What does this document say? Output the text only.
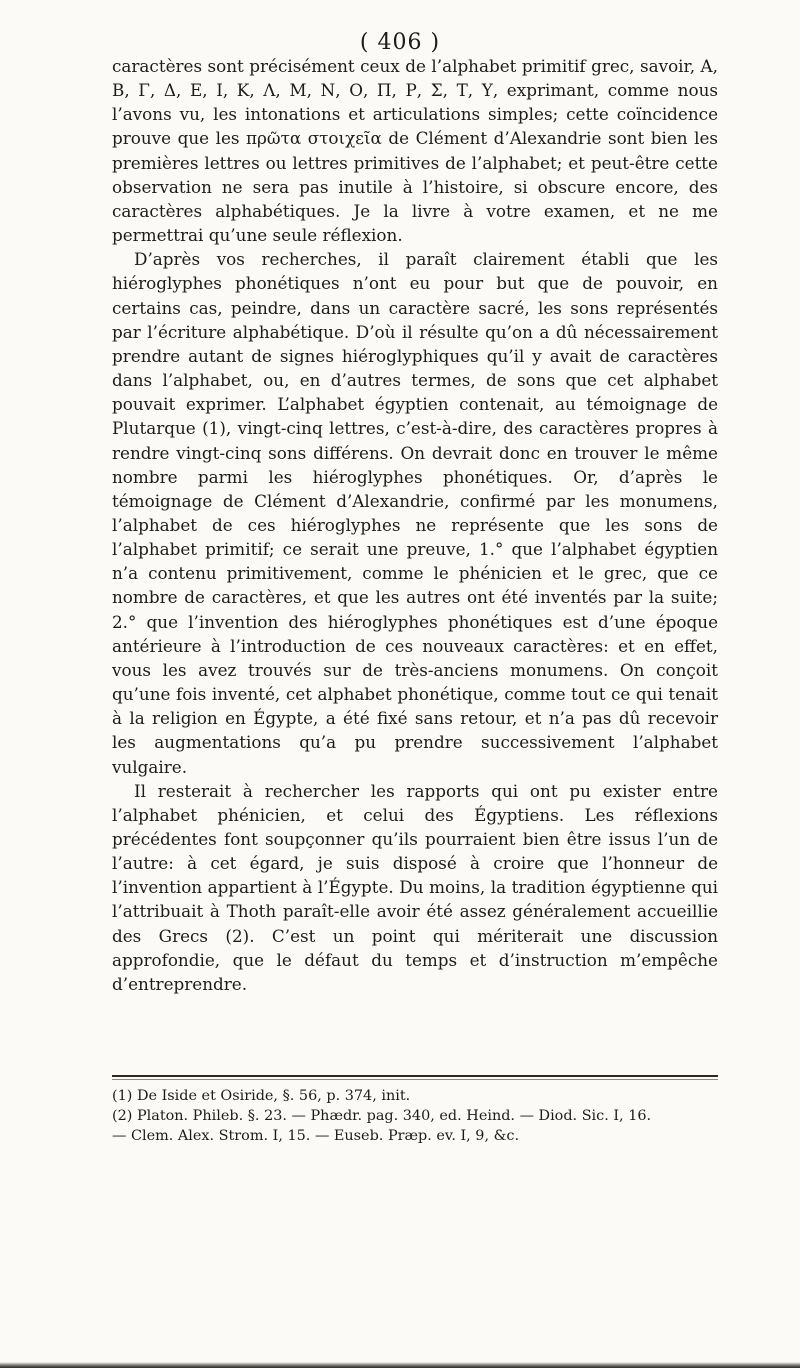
( 406 )

caractères sont précisément ceux de l’alphabet primitif grec, savoir, Α, Β, Γ, Δ, Ε, Ι, Κ, Λ, Μ, Ν, Ο, Π, Ρ, Σ, Τ, Υ, exprimant, comme nous l’avons vu, les intonations et articulations simples; cette coïncidence prouve que les πρῶτα στοιχεῖα de Clément d’Alexandrie sont bien les premières lettres ou lettres primitives de l’alphabet; et peut-être cette observation ne sera pas inutile à l’histoire, si obscure encore, des caractères alphabétiques. Je la livre à votre examen, et ne me permettrai qu’une seule réflexion.

D’après vos recherches, il paraît clairement établi que les hiéroglyphes phonétiques n’ont eu pour but que de pouvoir, en certains cas, peindre, dans un caractère sacré, les sons représentés par l’écriture alphabétique. D’où il résulte qu’on a dû nécessairement prendre autant de signes hiéroglyphiques qu’il y avait de caractères dans l’alphabet, ou, en d’autres termes, de sons que cet alphabet pouvait exprimer. L’alphabet égyptien contenait, au témoignage de Plutarque (1), vingt-cinq lettres, c’est-à-dire, des caractères propres à rendre vingt-cinq sons différens. On devrait donc en trouver le même nombre parmi les hiéroglyphes phonétiques. Or, d’après le témoignage de Clément d’Alexandrie, confirmé par les monumens, l’alphabet de ces hiéroglyphes ne représente que les sons de l’alphabet primitif; ce serait une preuve, 1.° que l’alphabet égyptien n’a contenu primitivement, comme le phénicien et le grec, que ce nombre de caractères, et que les autres ont été inventés par la suite; 2.° que l’invention des hiéroglyphes phonétiques est d’une époque antérieure à l’introduction de ces nouveaux caractères: et en effet, vous les avez trouvés sur de très-anciens monumens. On conçoit qu’une fois inventé, cet alphabet phonétique, comme tout ce qui tenait à la religion en Égypte, a été fixé sans retour, et n’a pas dû recevoir les augmentations qu’a pu prendre successivement l’alphabet vulgaire.

Il resterait à rechercher les rapports qui ont pu exister entre l’alphabet phénicien, et celui des Égyptiens. Les réflexions précédentes font soupçonner qu’ils pourraient bien être issus l’un de l’autre: à cet égard, je suis disposé à croire que l’honneur de l’invention appartient à l’Égypte. Du moins, la tradition égyptienne qui l’attribuait à Thoth paraît-elle avoir été assez généralement accueillie des Grecs (2). C’est un point qui mériterait une discussion approfondie, que le défaut du temps et d’instruction m’empêche d’entreprendre.

(1) De Iside et Osiride, §. 56, p. 374, init.
(2) Platon. Phileb. §. 23. — Phædr. pag. 340, ed. Heind. — Diod. Sic. I, 16.
— Clem. Alex. Strom. I, 15. — Euseb. Præp. ev. I, 9, &c.
